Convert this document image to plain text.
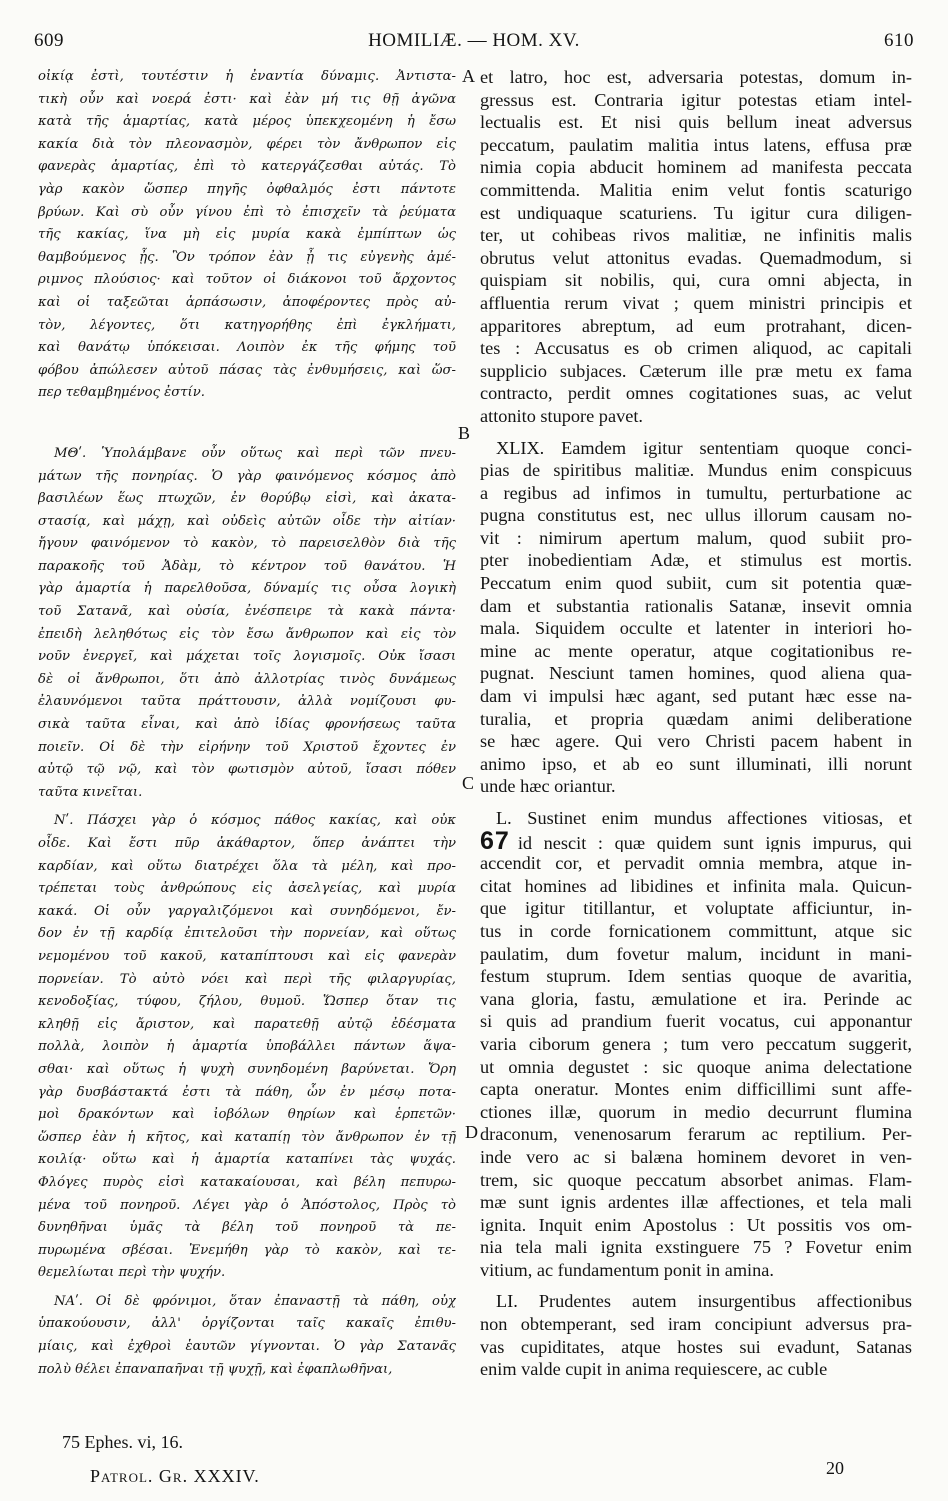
609	HOMILIÆ. — HOM. XV.	610
οἰκίᾳ ἐστὶ, τουτέστιν ἡ ἐναντία δύναμις. Ἀντιστα-
τικὴ οὖν καὶ νοερά ἐστι· καὶ ἐὰν μή τις θῇ ἀγῶνα
κατὰ τῆς ἁμαρτίας, κατὰ μέρος ὑπεκχεομένη ἡ ἔσω
κακία διὰ τὸν πλεονασμὸν, φέρει τὸν ἄνθρωπον εἰς
φανερὰς ἁμαρτίας, ἐπὶ τὸ κατεργάζεσθαι αὐτάς. Τὸ
γὰρ κακὸν ὥσπερ πηγῆς ὀφθαλμός ἐστι πάντοτε
βρύων. Καὶ σὺ οὖν γίνου ἐπὶ τὸ ἐπισχεῖν τὰ ῥεύματα
τῆς κακίας, ἵνα μὴ εἰς μυρία κακὰ ἐμπίπτων ὡς
θαμβούμενος ᾖς. Ὃν τρόπον ἐὰν ᾖ τις εὐγενὴς ἀμέ-
ριμνος πλούσιος· καὶ τοῦτον οἱ διάκονοι τοῦ ἄρχοντος
καὶ οἱ ταξεῶται ἁρπάσωσιν, ἀποφέροντες πρὸς αὐ-
τὸν, λέγοντες, ὅτι κατηγορήθης ἐπὶ ἐγκλήματι,
καὶ θανάτῳ ὑπόκεισαι. Λοιπὸν ἐκ τῆς φήμης τοῦ
φόβου ἀπώλεσεν αὐτοῦ πάσας τὰς ἐνθυμήσεις, καὶ ὥσ-
περ τεθαμβημένος ἐστίν.
ΜΘʹ. Ὑπολάμβανε οὖν οὕτως καὶ περὶ τῶν πνευ-
μάτων τῆς πονηρίας. Ὁ γὰρ φαινόμενος κόσμος ἀπὸ
βασιλέων ἕως πτωχῶν, ἐν θορύβῳ εἰσὶ, καὶ ἀκατα-
στασίᾳ, καὶ μάχῃ, καὶ οὐδεὶς αὐτῶν οἶδε τὴν αἰτίαν·
ἤγουν φαινόμενον τὸ κακὸν, τὸ παρεισελθὸν διὰ τῆς
παρακοῆς τοῦ Ἀδὰμ, τὸ κέντρον τοῦ θανάτου. Ἡ
γὰρ ἁμαρτία ἡ παρελθοῦσα, δύναμίς τις οὖσα λογικὴ
τοῦ Σατανᾶ, καὶ οὐσία, ἐνέσπειρε τὰ κακὰ πάντα·
ἐπειδὴ λεληθότως εἰς τὸν ἔσω ἄνθρωπον καὶ εἰς τὸν
νοῦν ἐνεργεῖ, καὶ μάχεται τοῖς λογισμοῖς. Οὐκ ἴσασι
δὲ οἱ ἄνθρωποι, ὅτι ἀπὸ ἀλλοτρίας τινὸς δυνάμεως
ἐλαυνόμενοι ταῦτα πράττουσιν, ἀλλὰ νομίζουσι φυ-
σικὰ ταῦτα εἶναι, καὶ ἀπὸ ἰδίας φρονήσεως ταῦτα
ποιεῖν. Οἱ δὲ τὴν εἰρήνην τοῦ Χριστοῦ ἔχοντες ἐν
αὐτῷ τῷ νῷ, καὶ τὸν φωτισμὸν αὐτοῦ, ἴσασι πόθεν
ταῦτα κινεῖται.
Νʹ. Πάσχει γὰρ ὁ κόσμος πάθος κακίας, καὶ οὐκ
οἶδε. Καὶ ἔστι πῦρ ἀκάθαρτον, ὅπερ ἀνάπτει τὴν
καρδίαν, καὶ οὕτω διατρέχει ὅλα τὰ μέλη, καὶ προ-
τρέπεται τοὺς ἀνθρώπους εἰς ἀσελγείας, καὶ μυρία
κακά. Οἱ οὖν γαργαλιζόμενοι καὶ συνηδόμενοι, ἔν-
δον ἐν τῇ καρδίᾳ ἐπιτελοῦσι τὴν πορνείαν, καὶ οὕτως
νεμομένου τοῦ κακοῦ, καταπίπτουσι καὶ εἰς φανερὰν
πορνείαν. Τὸ αὐτὸ νόει καὶ περὶ τῆς φιλαργυρίας,
κενοδοξίας, τύφου, ζήλου, θυμοῦ. Ὥσπερ ὅταν τις
κληθῇ εἰς ἄριστον, καὶ παρατεθῇ αὐτῷ ἐδέσματα
πολλὰ, λοιπὸν ἡ ἁμαρτία ὑποβάλλει πάντων ἅψα-
σθαι· καὶ οὕτως ἡ ψυχὴ συνηδομένη βαρύνεται. Ὄρη
γὰρ δυσβάστακτά ἐστι τὰ πάθη, ὧν ἐν μέσῳ ποτα-
μοὶ δρακόντων καὶ ἰοβόλων θηρίων καὶ ἑρπετῶν·
ὥσπερ ἐὰν ἡ κῆτος, καὶ καταπίῃ τὸν ἄνθρωπον ἐν τῇ
κοιλίᾳ· οὕτω καὶ ἡ ἁμαρτία καταπίνει τὰς ψυχάς.
Φλόγες πυρὸς εἰσὶ κατακαίουσαι, καὶ βέλη πεπυρω-
μένα τοῦ πονηροῦ. Λέγει γὰρ ὁ Ἀπόστολος, Πρὸς τὸ
δυνηθῆναι ὑμᾶς τὰ βέλη τοῦ πονηροῦ τὰ πε-
πυρωμένα σβέσαι. Ἐνεμήθη γὰρ τὸ κακὸν, καὶ τε-
θεμελίωται περὶ τὴν ψυχήν.
ΝΑʹ. Οἱ δὲ φρόνιμοι, ὅταν ἐπαναστῇ τὰ πάθη, οὐχ
ὑπακούουσιν, ἀλλ' ὀργίζονται ταῖς κακαῖς ἐπιθυ-
μίαις, καὶ ἐχθροὶ ἑαυτῶν γίγνονται. Ὁ γὰρ Σατανᾶς
πολὺ θέλει ἐπαναπαῆναι τῇ ψυχῇ, καὶ ἐφαπλωθῆναι,
et latro, hoc est, adversaria potestas, domum in-
gressus est. Contraria igitur potestas etiam intel-
lectualis est. Et nisi quis bellum ineat adversus
peccatum, paulatim malitia intus latens, effusa præ
nimia copia abducit hominem ad manifesta peccata
committenda. Malitia enim velut fontis scaturigo
est undiquaque scaturiens. Tu igitur cura diligen-
ter, ut cohibeas rivos malitiæ, ne infinitis malis
obrutus velut attonitus evadas. Quemadmodum, si
quispiam sit nobilis, qui, cura omni abjecta, in
affluentia rerum vivat ; quem ministri principis et
apparitores abreptum, ad eum protrahant, dicen-
tes : Accusatus es ob crimen aliquod, ac capitali
supplicio subjaces. Cæterum ille præ metu ex fama
contracto, perdit omnes cogitationes suas, ac velut
attonito stupore pavet.
XLIX. Eamdem igitur sententiam quoque conci-
pias de spiritibus malitiæ. Mundus enim conspicuus
a regibus ad infimos in tumultu, perturbatione ac
pugna constitutus est, nec ullus illorum causam no-
vit : nimirum apertum malum, quod subiit pro-
pter inobedientiam Adæ, et stimulus est mortis.
Peccatum enim quod subiit, cum sit potentia quæ-
dam et substantia rationalis Satanæ, insevit omnia
mala. Siquidem occulte et latenter in interiori ho-
mine ac mente operatur, atque cogitationibus re-
pugnat. Nesciunt tamen homines, quod aliena qua-
dam vi impulsi hæc agant, sed putant hæc esse na-
turalia, et propria quædam animi deliberatione
se hæc agere. Qui vero Christi pacem habent in
animo ipso, et ab eo sunt illuminati, illi norunt
unde hæc oriantur.
L. Sustinet enim mundus affectiones vitiosas, et
67 id nescit : quæ quidem sunt ignis impurus, qui
accendit cor, et pervadit omnia membra, atque in-
citat homines ad libidines et infinita mala. Quicun-
que igitur titillantur, et voluptate afficiuntur, in-
tus in corde fornicationem committunt, atque sic
paulatim, dum fovetur malum, incidunt in mani-
festum stuprum. Idem sentias quoque de avaritia,
vana gloria, fastu, æmulatione et ira. Perinde ac
si quis ad prandium fuerit vocatus, cui apponantur
varia ciborum genera ; tum vero peccatum suggerit,
ut omnia degustet : sic quoque anima delectatione
capta oneratur. Montes enim difficillimi sunt affe-
ctiones illæ, quorum in medio decurrunt flumina
draconum, venenosarum ferarum ac reptilium. Per-
inde vero ac si balæna hominem devoret in ven-
trem, sic quoque peccatum absorbet animas. Flam-
mæ sunt ignis ardentes illæ affectiones, et tela mali
ignita. Inquit enim Apostolus : Ut possitis vos om-
nia tela mali ignita exstinguere 75 ? Fovetur enim
vitium, ac fundamentum ponit in amina.
LI. Prudentes autem insurgentibus affectionibus
non obtemperant, sed iram concipiunt adversus pra-
vas cupiditates, atque hostes sui evadunt, Satanas
enim valde cupit in anima requiescere, ac cuble
A
B
C
D
75 Ephes. vi, 16.
Patrol. Gr. XXXIV.	20
